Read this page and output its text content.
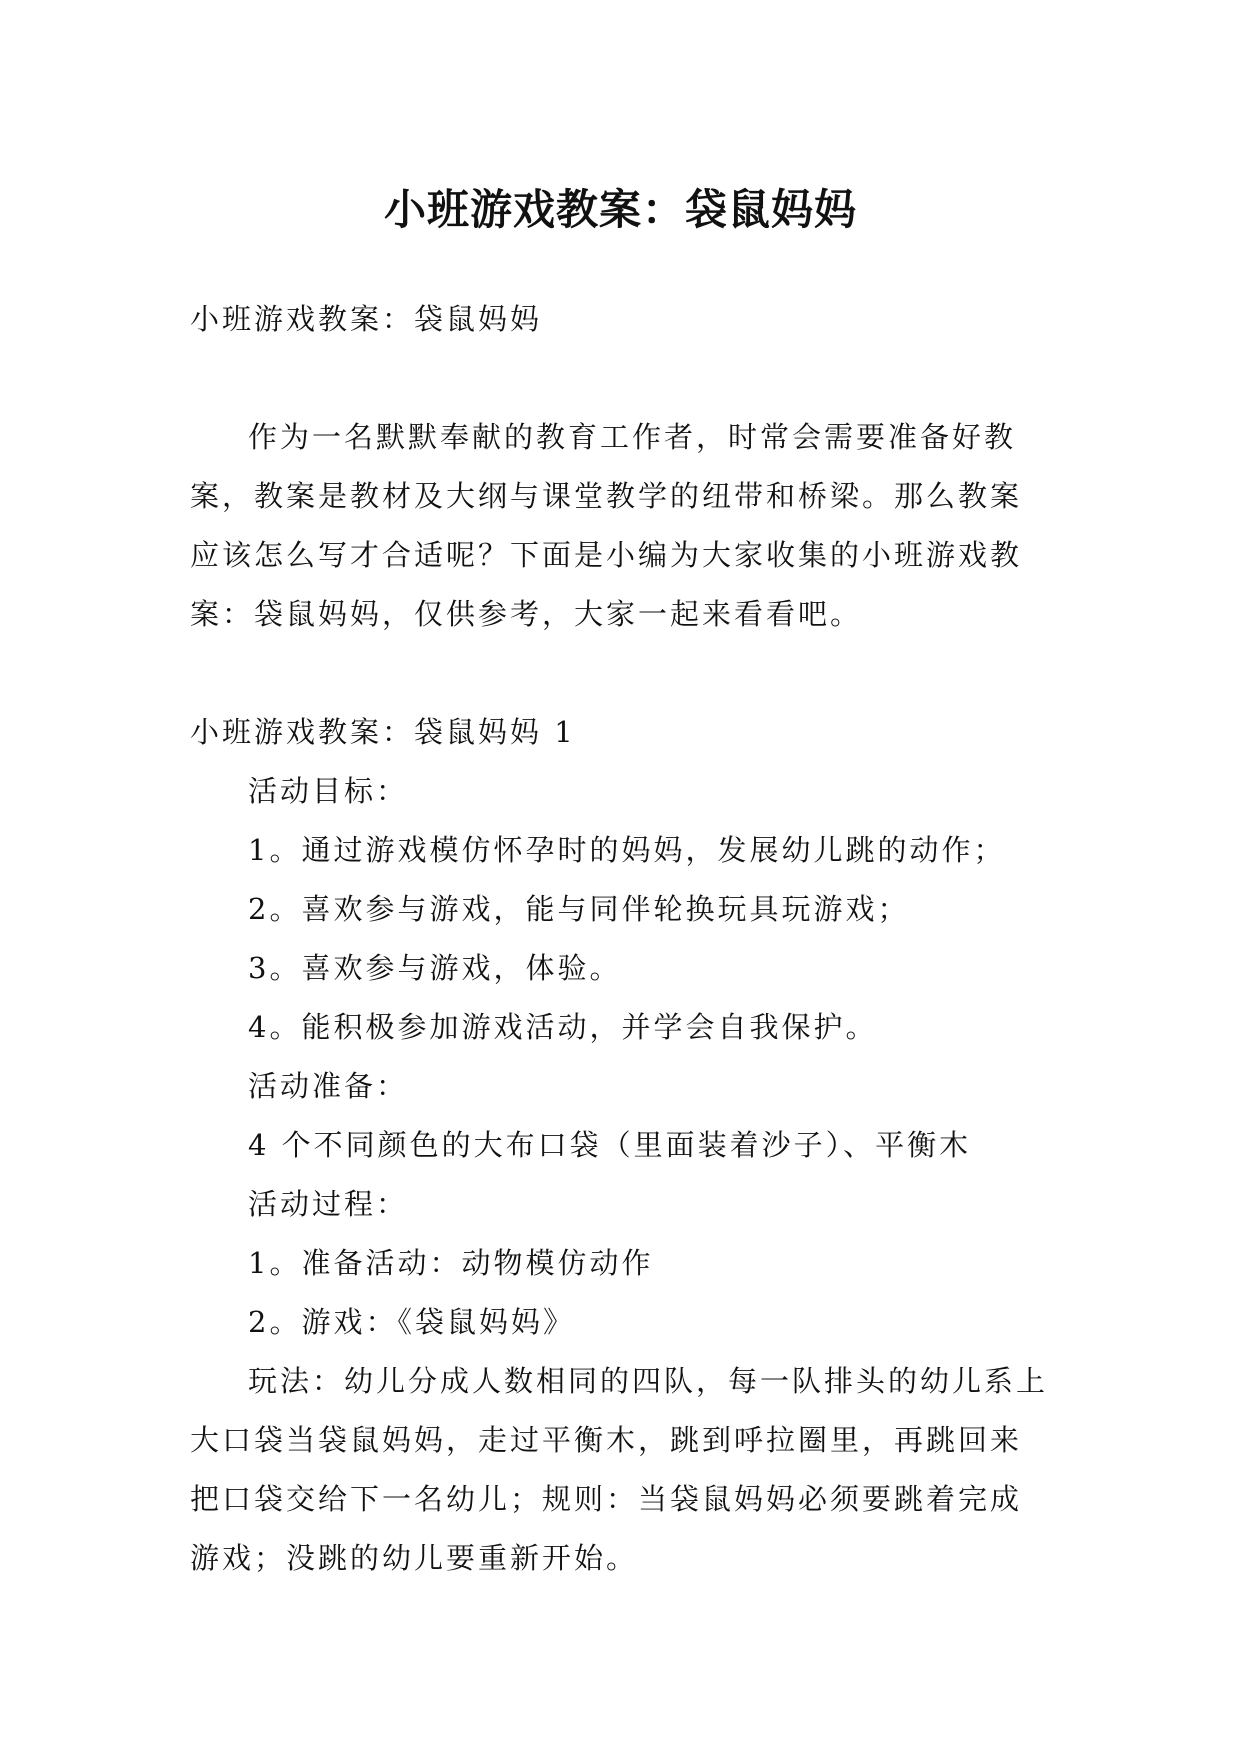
小班游戏教案：袋鼠妈妈

小班游戏教案：袋鼠妈妈

作为一名默默奉献的教育工作者，时常会需要准备好教案，教案是教材及大纲与课堂教学的纽带和桥梁。那么教案应该怎么写才合适呢？下面是小编为大家收集的小班游戏教案：袋鼠妈妈，仅供参考，大家一起来看看吧。

小班游戏教案：袋鼠妈妈 1

活动目标：

1。通过游戏模仿怀孕时的妈妈，发展幼儿跳的动作；

2。喜欢参与游戏，能与同伴轮换玩具玩游戏；

3。喜欢参与游戏，体验。

4。能积极参加游戏活动，并学会自我保护。

活动准备：

4 个不同颜色的大布口袋（里面装着沙子）、平衡木

活动过程：

1。准备活动：动物模仿动作

2。游戏：《袋鼠妈妈》

玩法：幼儿分成人数相同的四队，每一队排头的幼儿系上大口袋当袋鼠妈妈，走过平衡木，跳到呼拉圈里，再跳回来把口袋交给下一名幼儿；规则：当袋鼠妈妈必须要跳着完成游戏；没跳的幼儿要重新开始。
